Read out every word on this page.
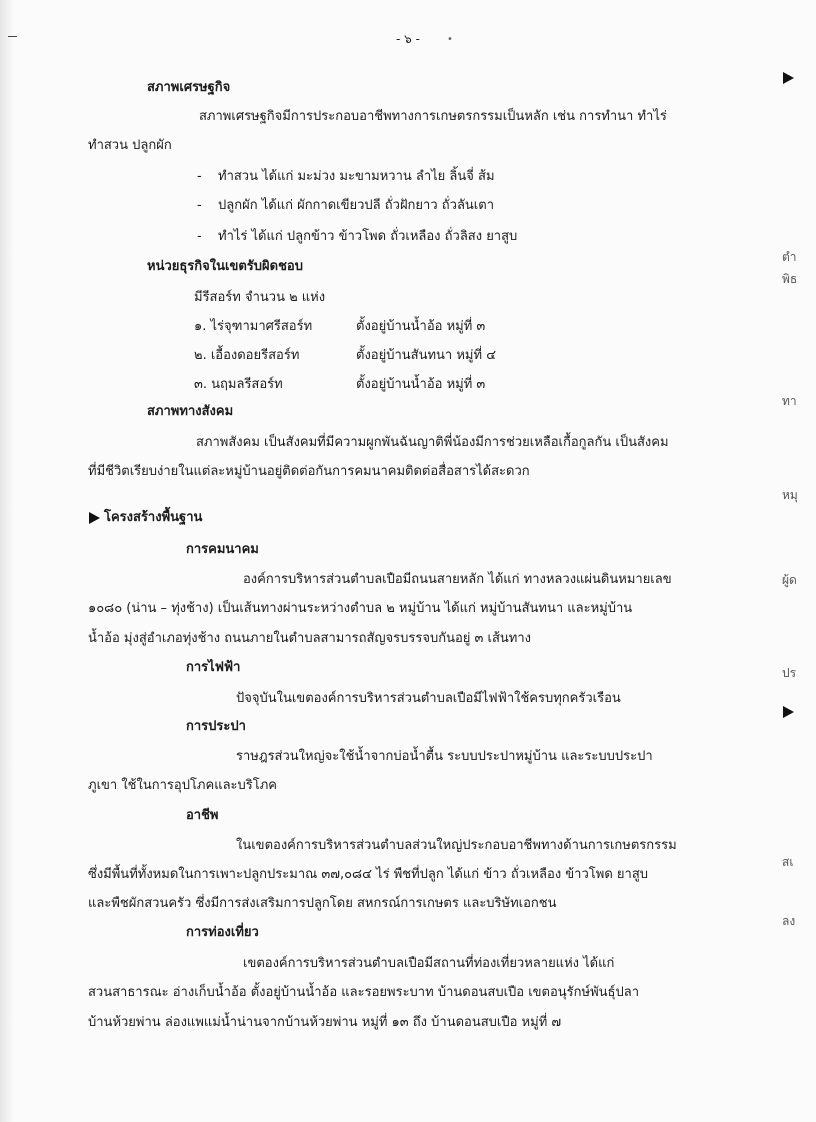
- ๖ -	•
ตำ
พิธ
ทา
หมุ
ผู้ด
ปร
สเ
ลง
สภาพเศรษฐกิจ
สภาพเศรษฐกิจมีการประกอบอาชีพทางการเกษตรกรรมเป็นหลัก เช่น การทำนา ทำไร่
ทำสวน ปลูกผัก
- ทำสวน ได้แก่ มะม่วง มะขามหวาน ลำไย ลิ้นจี่ ส้ม
- ปลูกผัก ได้แก่ ผักกาดเขียวปลี ถั่วฝักยาว ถั่วลันเตา
- ทำไร่ ได้แก่ ปลูกข้าว ข้าวโพด ถั่วเหลือง ถั่วลิสง ยาสูบ
หน่วยธุรกิจในเขตรับผิดชอบ
มีรีสอร์ท จำนวน ๒ แห่ง
๑. ไร่จุฑามาศรีสอร์ท	ตั้งอยู่บ้านน้ำอ้อ หมู่ที่ ๓
๒. เอื้องดอยรีสอร์ท	ตั้งอยู่บ้านสันทนา หมู่ที่ ๔
๓. นฤมลรีสอร์ท	ตั้งอยู่บ้านน้ำอ้อ หมู่ที่ ๓
สภาพทางสังคม
สภาพสังคม เป็นสังคมที่มีความผูกพันฉันญาติพี่น้องมีการช่วยเหลือเกื้อกูลกัน เป็นสังคม
ที่มีชีวิตเรียบง่ายในแต่ละหมู่บ้านอยู่ติดต่อกันการคมนาคมติดต่อสื่อสารได้สะดวก
โครงสร้างพื้นฐาน
การคมนาคม
องค์การบริหารส่วนตำบลเปือมีถนนสายหลัก ได้แก่ ทางหลวงแผ่นดินหมายเลข
๑๐๘๐ (น่าน – ทุ่งช้าง) เป็นเส้นทางผ่านระหว่างตำบล ๒ หมู่บ้าน ได้แก่ หมู่บ้านสันทนา และหมู่บ้าน
น้ำอ้อ มุ่งสู่อำเภอทุ่งช้าง ถนนภายในตำบลสามารถสัญจรบรรจบกันอยู่ ๓ เส้นทาง
การไฟฟ้า
ปัจจุบันในเขตองค์การบริหารส่วนตำบลเปือมีไฟฟ้าใช้ครบทุกครัวเรือน
การประปา
ราษฎรส่วนใหญ่จะใช้น้ำจากบ่อน้ำตื้น ระบบประปาหมู่บ้าน และระบบประปา
ภูเขา ใช้ในการอุปโภคและบริโภค
อาชีพ
ในเขตองค์การบริหารส่วนตำบลส่วนใหญ่ประกอบอาชีพทางด้านการเกษตรกรรม
ซึ่งมีพื้นที่ทั้งหมดในการเพาะปลูกประมาณ ๓๗,๐๘๔ ไร่ พืชที่ปลูก ได้แก่ ข้าว ถั่วเหลือง ข้าวโพด ยาสูบ
และพืชผักสวนครัว ซึ่งมีการส่งเสริมการปลูกโดย สหกรณ์การเกษตร และบริษัทเอกชน
การท่องเที่ยว
เขตองค์การบริหารส่วนตำบลเปือมีสถานที่ท่องเที่ยวหลายแห่ง ได้แก่
สวนสาธารณะ อ่างเก็บน้ำอ้อ ตั้งอยู่บ้านน้ำอ้อ และรอยพระบาท บ้านดอนสบเปือ เขตอนุรักษ์พันธุ์ปลา
บ้านห้วยพ่าน ล่องแพแม่น้ำน่านจากบ้านห้วยพ่าน หมู่ที่ ๑๓ ถึง บ้านดอนสบเปือ หมู่ที่ ๗
